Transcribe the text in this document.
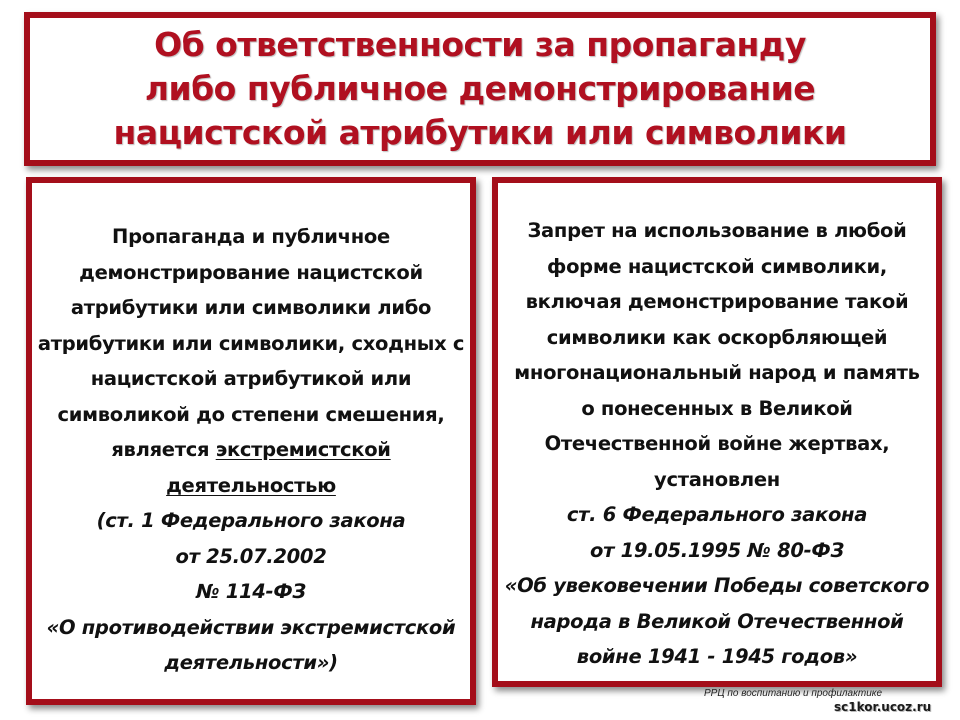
Об ответственности за пропаганду
либо публичное демонстрирование
нацистской атрибутики или символики
Пропаганда и публичное
демонстрирование нацистской
атрибутики или символики либо
атрибутики или символики, сходных с
нацистской атрибутикой или
символикой до степени смешения,
является экстремистской
деятельностью
(ст. 1 Федерального закона
от 25.07.2002
№ 114-ФЗ
«О противодействии экстремистской
деятельности»)
Запрет на использование в любой
форме нацистской символики,
включая демонстрирование такой
символики как оскорбляющей
многонациональный народ и память
о понесенных в Великой
Отечественной войне жертвах,
установлен
ст. 6 Федерального закона
от 19.05.1995 № 80-ФЗ
«Об увековечении Победы советского
народа в Великой Отечественной
войне 1941 - 1945 годов»
РРЦ по воспитанию и профилактике
sc1kor.ucoz.ru
